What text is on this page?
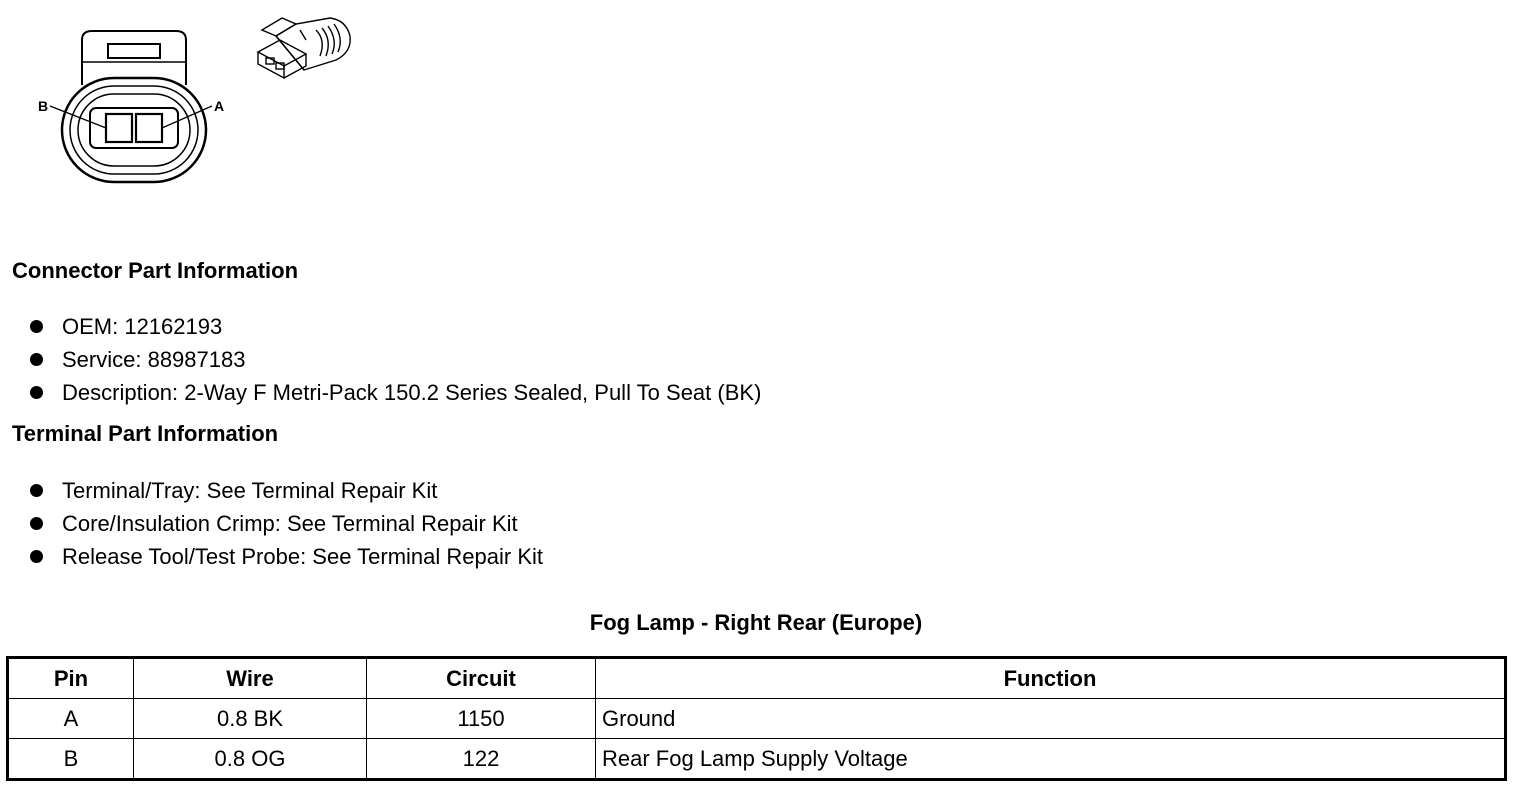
B	A
Connector Part Information
OEM: 12162193
Service: 88987183
Description: 2-Way F Metri-Pack 150.2 Series Sealed, Pull To Seat (BK)
Terminal Part Information
Terminal/Tray: See Terminal Repair Kit
Core/Insulation Crimp: See Terminal Repair Kit
Release Tool/Test Probe: See Terminal Repair Kit
Fog Lamp - Right Rear (Europe)
Pin	Wire	Circuit	Function
A	0.8 BK	1150	Ground
B	0.8 OG	122	Rear Fog Lamp Supply Voltage
